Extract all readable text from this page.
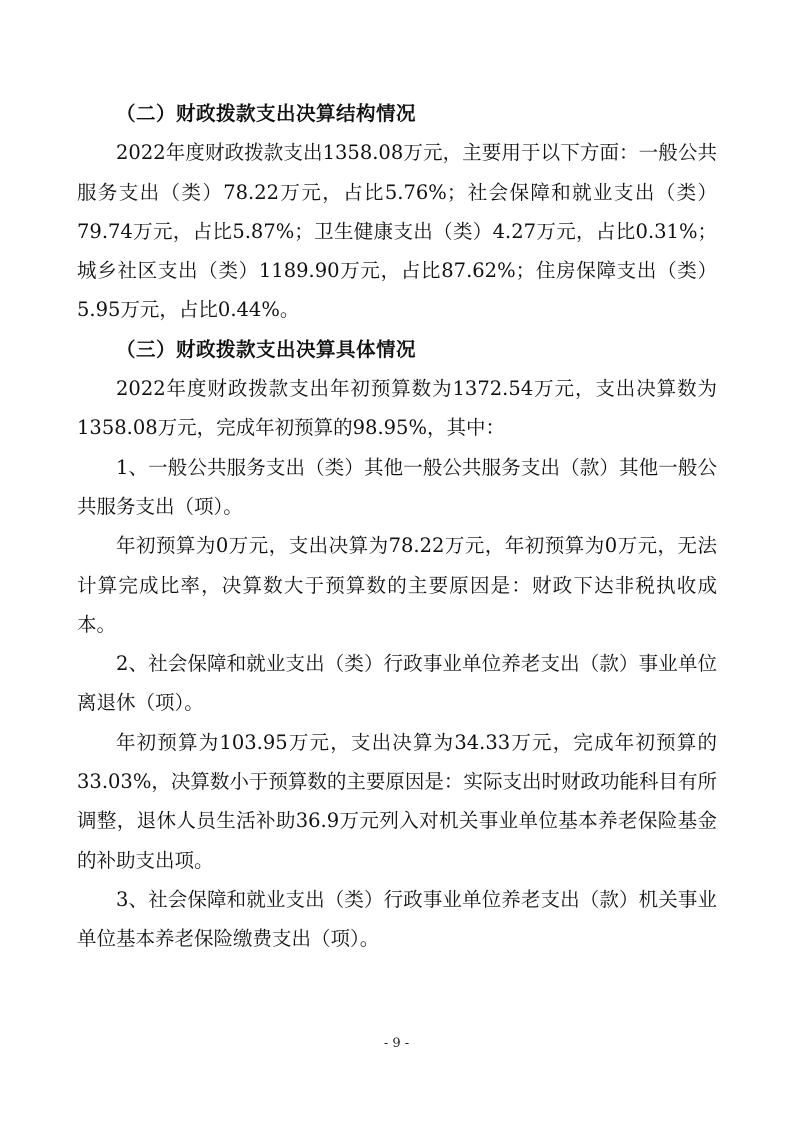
（二）财政拨款支出决算结构情况

2022年度财政拨款支出1358.08万元，主要用于以下方面：一般公共服务支出（类）78.22万元，占比5.76%；社会保障和就业支出（类）79.74万元，占比5.87%；卫生健康支出（类）4.27万元，占比0.31%；城乡社区支出（类）1189.90万元，占比87.62%；住房保障支出（类）5.95万元，占比0.44%。

（三）财政拨款支出决算具体情况

2022年度财政拨款支出年初预算数为1372.54万元，支出决算数为1358.08万元，完成年初预算的98.95%，其中：

1、一般公共服务支出（类）其他一般公共服务支出（款）其他一般公共服务支出（项）。

年初预算为0万元，支出决算为78.22万元，年初预算为0万元，无法计算完成比率，决算数大于预算数的主要原因是：财政下达非税执收成本。

2、社会保障和就业支出（类）行政事业单位养老支出（款）事业单位离退休（项）。

年初预算为103.95万元，支出决算为34.33万元，完成年初预算的33.03%，决算数小于预算数的主要原因是：实际支出时财政功能科目有所调整，退休人员生活补助36.9万元列入对机关事业单位基本养老保险基金的补助支出项。

3、社会保障和就业支出（类）行政事业单位养老支出（款）机关事业单位基本养老保险缴费支出（项）。

- 9 -
